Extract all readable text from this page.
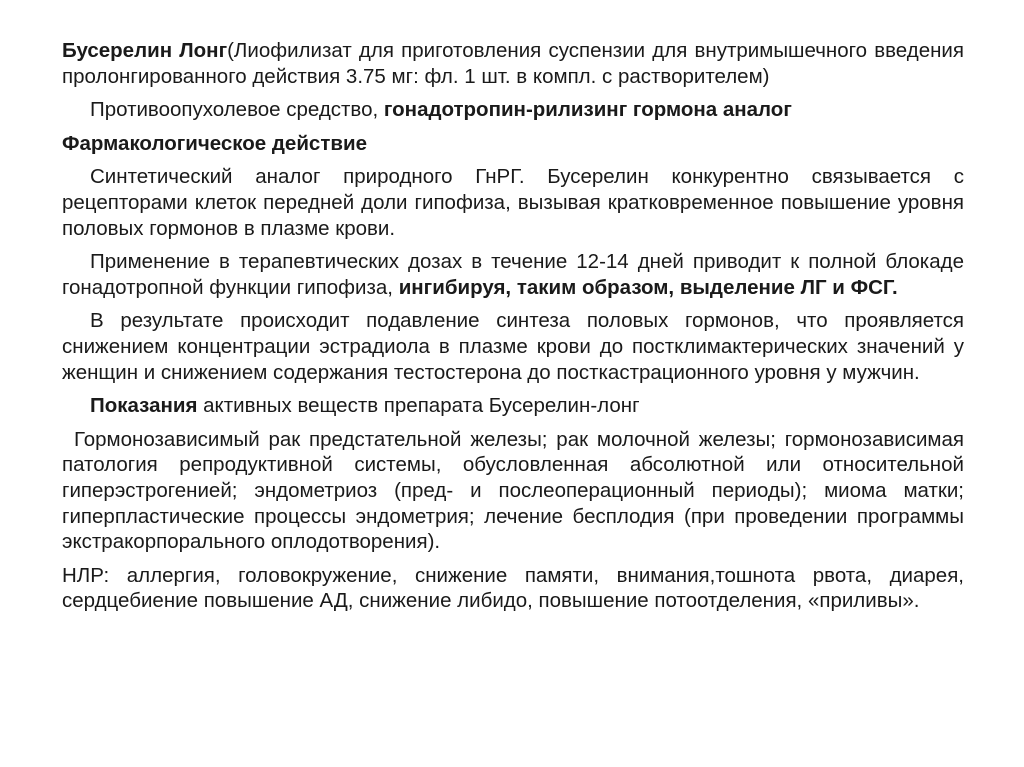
Бусерелин Лонг(Лиофилизат для приготовления суспензии для внутримышечного введения пролонгированного действия 3.75 мг: фл. 1 шт. в компл. с растворителем)

Противоопухолевое средство, гонадотропин-рилизинг гормона аналог

Фармакологическое действие

Синтетический аналог природного ГнРГ. Бусерелин конкурентно связывается с рецепторами клеток передней доли гипофиза, вызывая кратковременное повышение уровня половых гормонов в плазме крови.

Применение в терапевтических дозах в течение 12-14 дней приводит к полной блокаде гонадотропной функции гипофиза, ингибируя, таким образом, выделение ЛГ и ФСГ.

В результате происходит подавление синтеза половых гормонов, что проявляется снижением концентрации эстрадиола в плазме крови до постклимактерических значений у женщин и снижением содержания тестостерона до посткастрационного уровня у мужчин.

Показания активных веществ препарата Бусерелин-лонг

Гормонозависимый рак предстательной железы; рак молочной железы; гормонозависимая патология репродуктивной системы, обусловленная абсолютной или относительной гиперэстрогенией; эндометриоз (пред- и послеоперационный периоды); миома матки; гиперпластические процессы эндометрия; лечение бесплодия (при проведении программы экстракорпорального оплодотворения).

НЛР: аллергия, головокружение, снижение памяти, внимания,тошнота рвота, диарея, сердцебиение повышение АД, снижение либидо, повышение потоотделения, «приливы».
